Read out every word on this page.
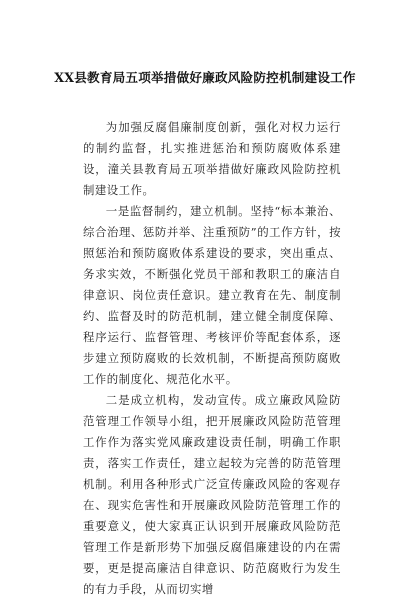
XX县教育局五项举措做好廉政风险防控机制建设工作

为加强反腐倡廉制度创新，强化对权力运行的制约监督，扎实推进惩治和预防腐败体系建设，潼关县教育局五项举措做好廉政风险防控机制建设工作。

一是监督制约，建立机制。坚持“标本兼治、综合治理、惩防并举、注重预防”的工作方针，按照惩治和预防腐败体系建设的要求，突出重点、务求实效，不断强化党员干部和教职工的廉洁自律意识、岗位责任意识。建立教育在先、制度制约、监督及时的防范机制，建立健全制度保障、程序运行、监督管理、考核评价等配套体系，逐步建立预防腐败的长效机制，不断提高预防腐败工作的制度化、规范化水平。

二是成立机构，发动宣传。成立廉政风险防范管理工作领导小组，把开展廉政风险防范管理工作作为落实党风廉政建设责任制，明确工作职责，落实工作责任，建立起较为完善的防范管理机制。利用各种形式广泛宣传廉政风险的客观存在、现实危害性和开展廉政风险防范管理工作的重要意义，使大家真正认识到开展廉政风险防范管理工作是新形势下加强反腐倡廉建设的内在需要，更是提高廉洁自律意识、防范腐败行为发生的有力手段，从而切实增
